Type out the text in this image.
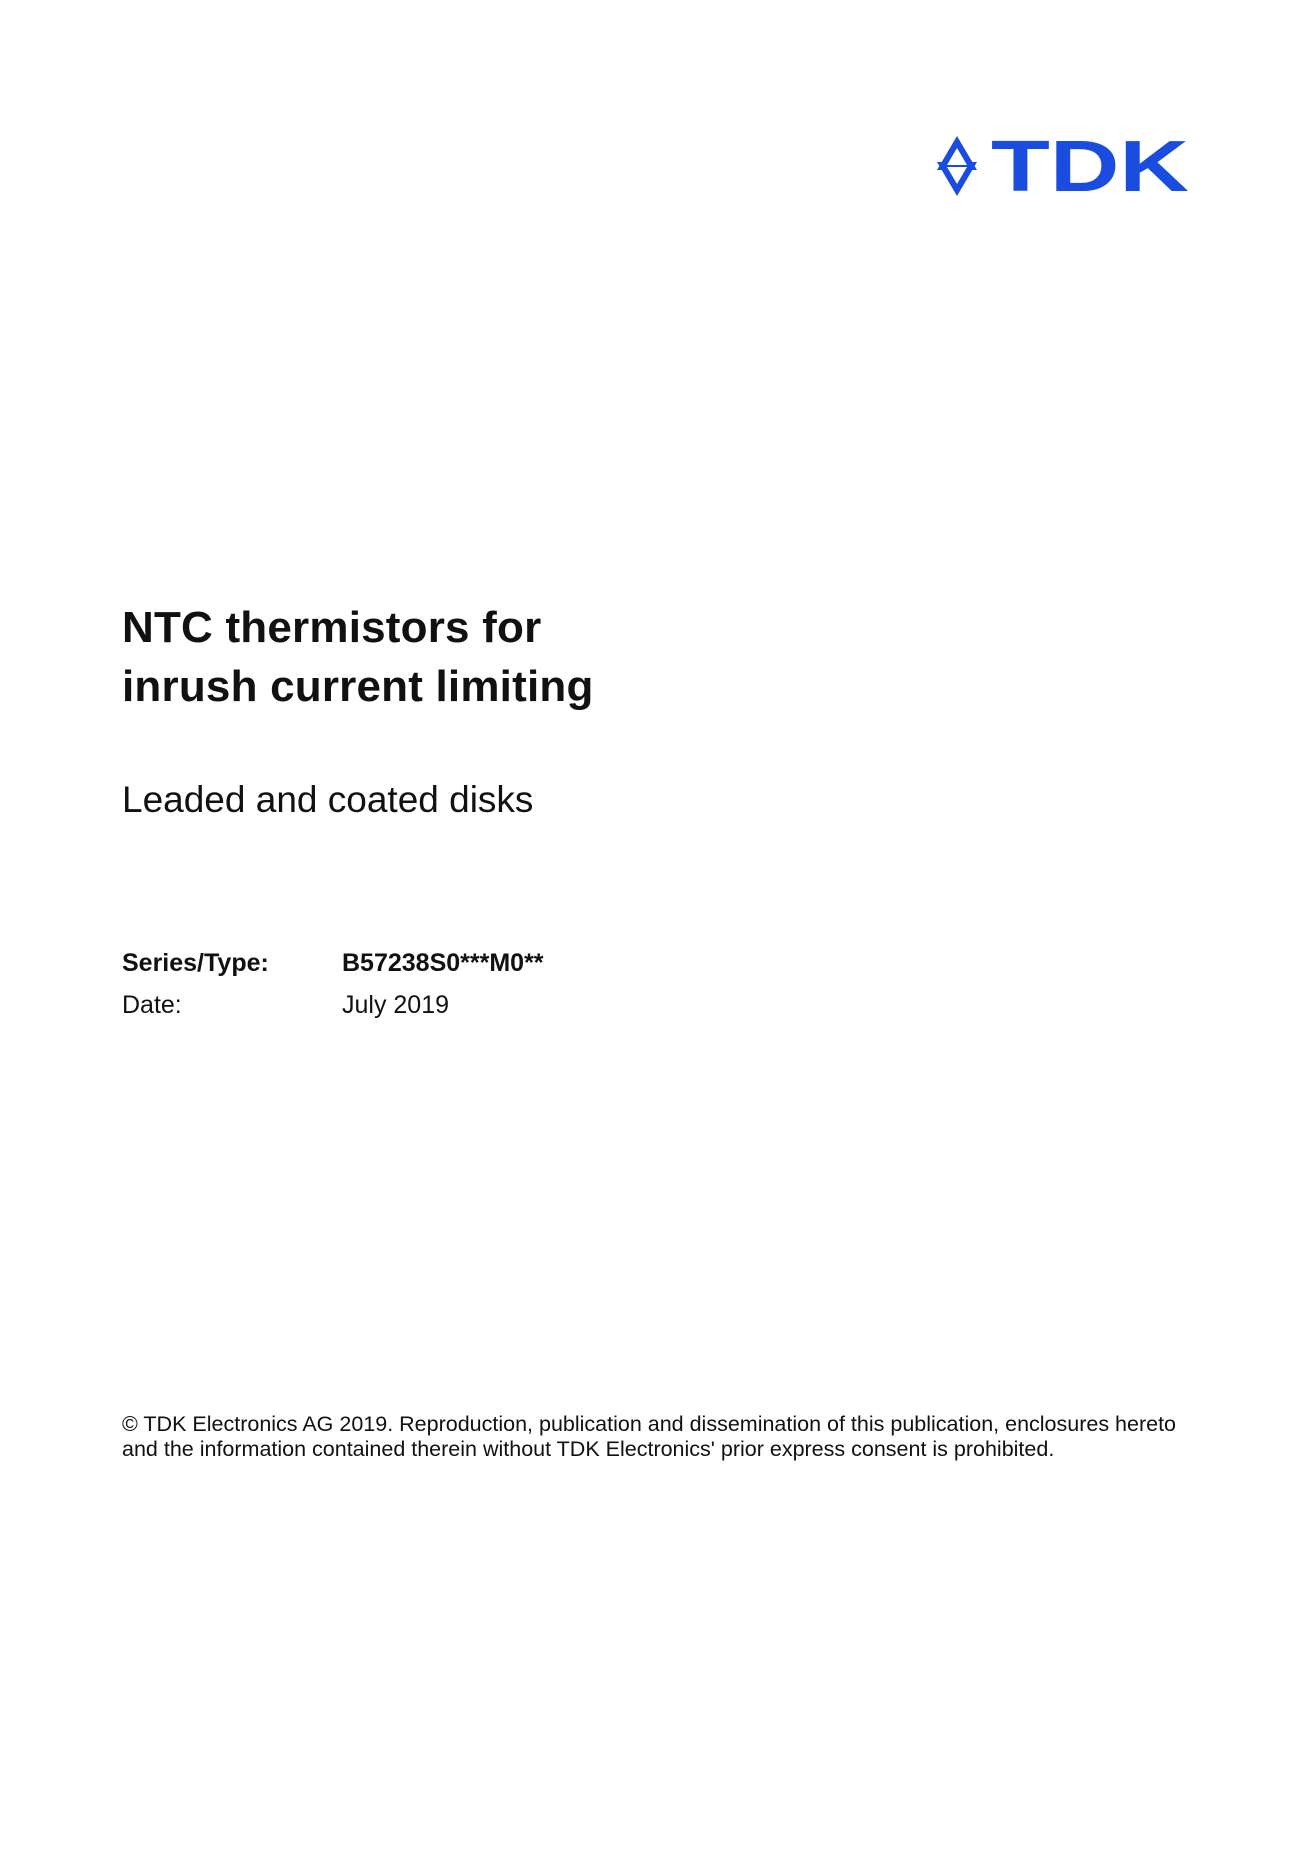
TDK
NTC thermistors for
inrush current limiting
Leaded and coated disks
Series/Type:	B57238S0***M0**
Date:	July 2019

© TDK Electronics AG 2019. Reproduction, publication and dissemination of this publication, enclosures hereto
and the information contained therein without TDK Electronics' prior express consent is prohibited.
